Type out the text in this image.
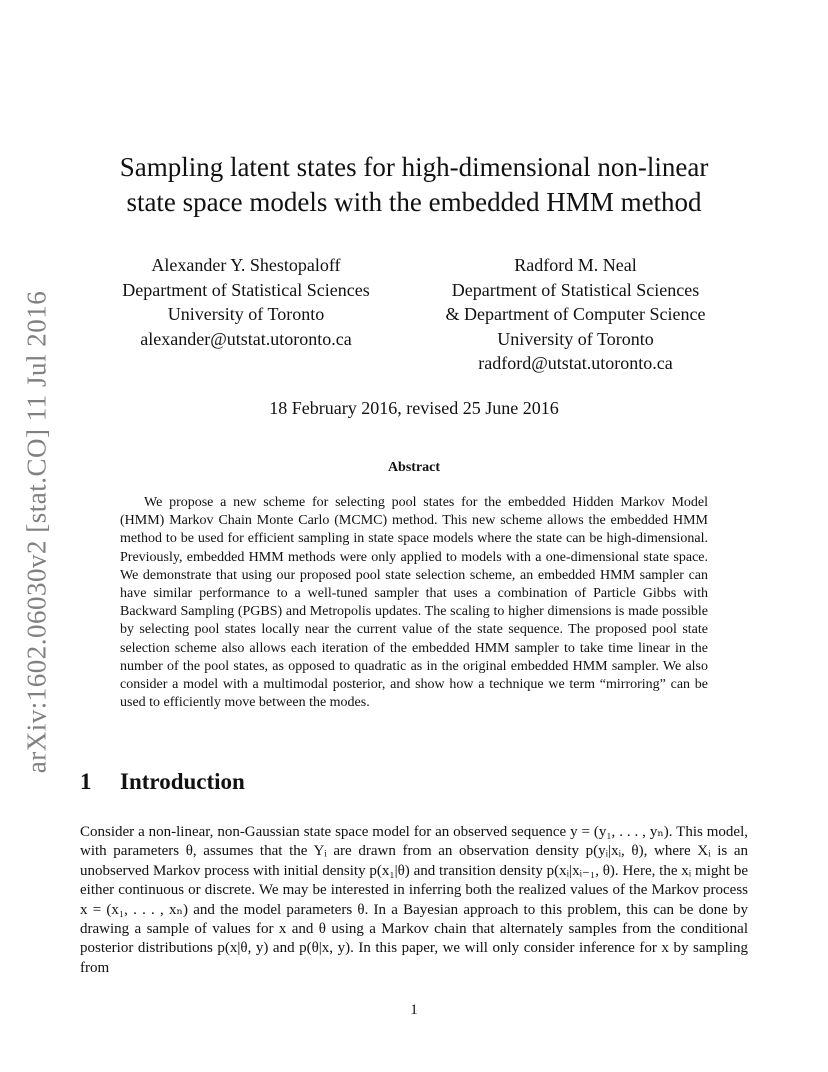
arXiv:1602.06030v2 [stat.CO] 11 Jul 2016
Sampling latent states for high-dimensional non-linear
state space models with the embedded HMM method
Alexander Y. Shestopaloff
Department of Statistical Sciences
University of Toronto
alexander@utstat.utoronto.ca
Radford M. Neal
Department of Statistical Sciences
& Department of Computer Science
University of Toronto
radford@utstat.utoronto.ca
18 February 2016, revised 25 June 2016
Abstract

We propose a new scheme for selecting pool states for the embedded Hidden Markov Model (HMM) Markov Chain Monte Carlo (MCMC) method. This new scheme allows the embedded HMM method to be used for efficient sampling in state space models where the state can be high-dimensional. Previously, embedded HMM methods were only applied to models with a one-dimensional state space. We demonstrate that using our proposed pool state selection scheme, an embedded HMM sampler can have similar performance to a well-tuned sampler that uses a combination of Particle Gibbs with Backward Sampling (PGBS) and Metropolis updates. The scaling to higher dimensions is made possible by selecting pool states locally near the current value of the state sequence. The proposed pool state selection scheme also allows each iteration of the embedded HMM sampler to take time linear in the number of the pool states, as opposed to quadratic as in the original embedded HMM sampler. We also consider a model with a multimodal posterior, and show how a technique we term “mirroring” can be used to efficiently move between the modes.

1 Introduction

Consider a non-linear, non-Gaussian state space model for an observed sequence y = (y₁, . . . , yₙ). This model, with parameters θ, assumes that the Yᵢ are drawn from an observation density p(yᵢ|xᵢ, θ), where Xᵢ is an unobserved Markov process with initial density p(x₁|θ) and transition density p(xᵢ|xᵢ₋₁, θ). Here, the xᵢ might be either continuous or discrete. We may be interested in inferring both the realized values of the Markov process x = (x₁, . . . , xₙ) and the model parameters θ. In a Bayesian approach to this problem, this can be done by drawing a sample of values for x and θ using a Markov chain that alternately samples from the conditional posterior distributions p(x|θ, y) and p(θ|x, y). In this paper, we will only consider inference for x by sampling from

1
